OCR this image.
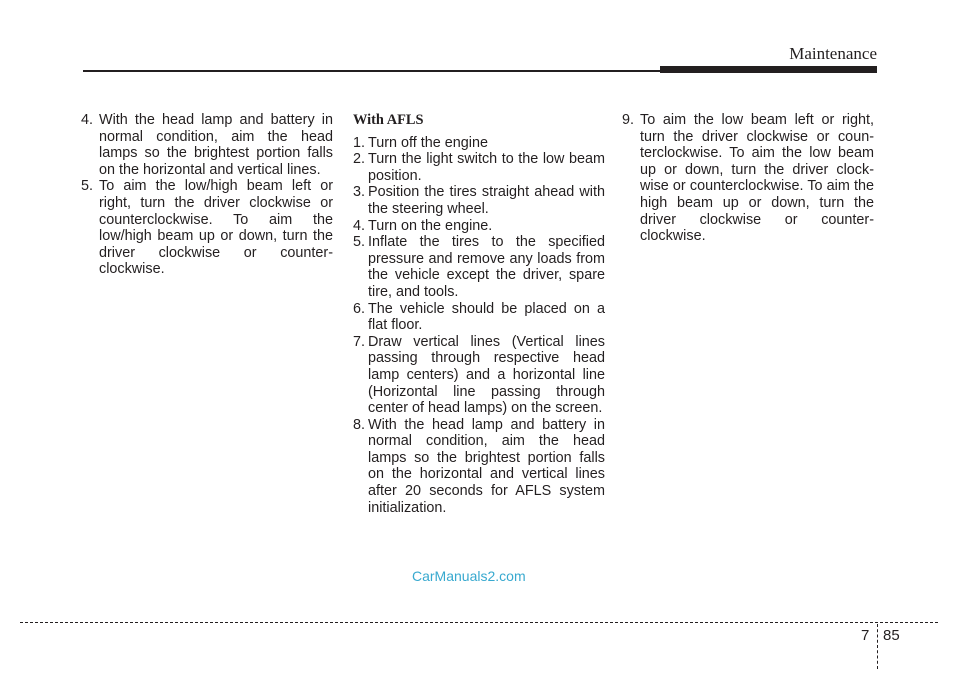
Maintenance
4. With the head lamp and battery in normal condition, aim the head lamps so the brightest portion falls on the horizontal and vertical lines.
5. To aim the low/high beam left or right, turn the driver clockwise or counterclockwise. To aim the low/high beam up or down, turn the driver clockwise or counter-clockwise.
With AFLS
1. Turn off the engine
2. Turn the light switch to the low beam position.
3. Position the tires straight ahead with the steering wheel.
4. Turn on the engine.
5. Inflate the tires to the specified pressure and remove any loads from the vehicle except the driver, spare tire, and tools.
6. The vehicle should be placed on a flat floor.
7. Draw vertical lines (Vertical lines passing through respective head lamp centers) and a horizontal line (Horizontal line passing through center of head lamps) on the screen.
8. With the head lamp and battery in normal condition, aim the head lamps so the brightest portion falls on the horizontal and vertical lines after 20 seconds for AFLS system initialization.
9. To aim the low beam left or right, turn the driver clockwise or coun-terclockwise. To aim the low beam up or down, turn the driver clock-wise or counterclockwise. To aim the high beam up or down, turn the driver clockwise or counter-clockwise.
CarManuals2.com
7 85
